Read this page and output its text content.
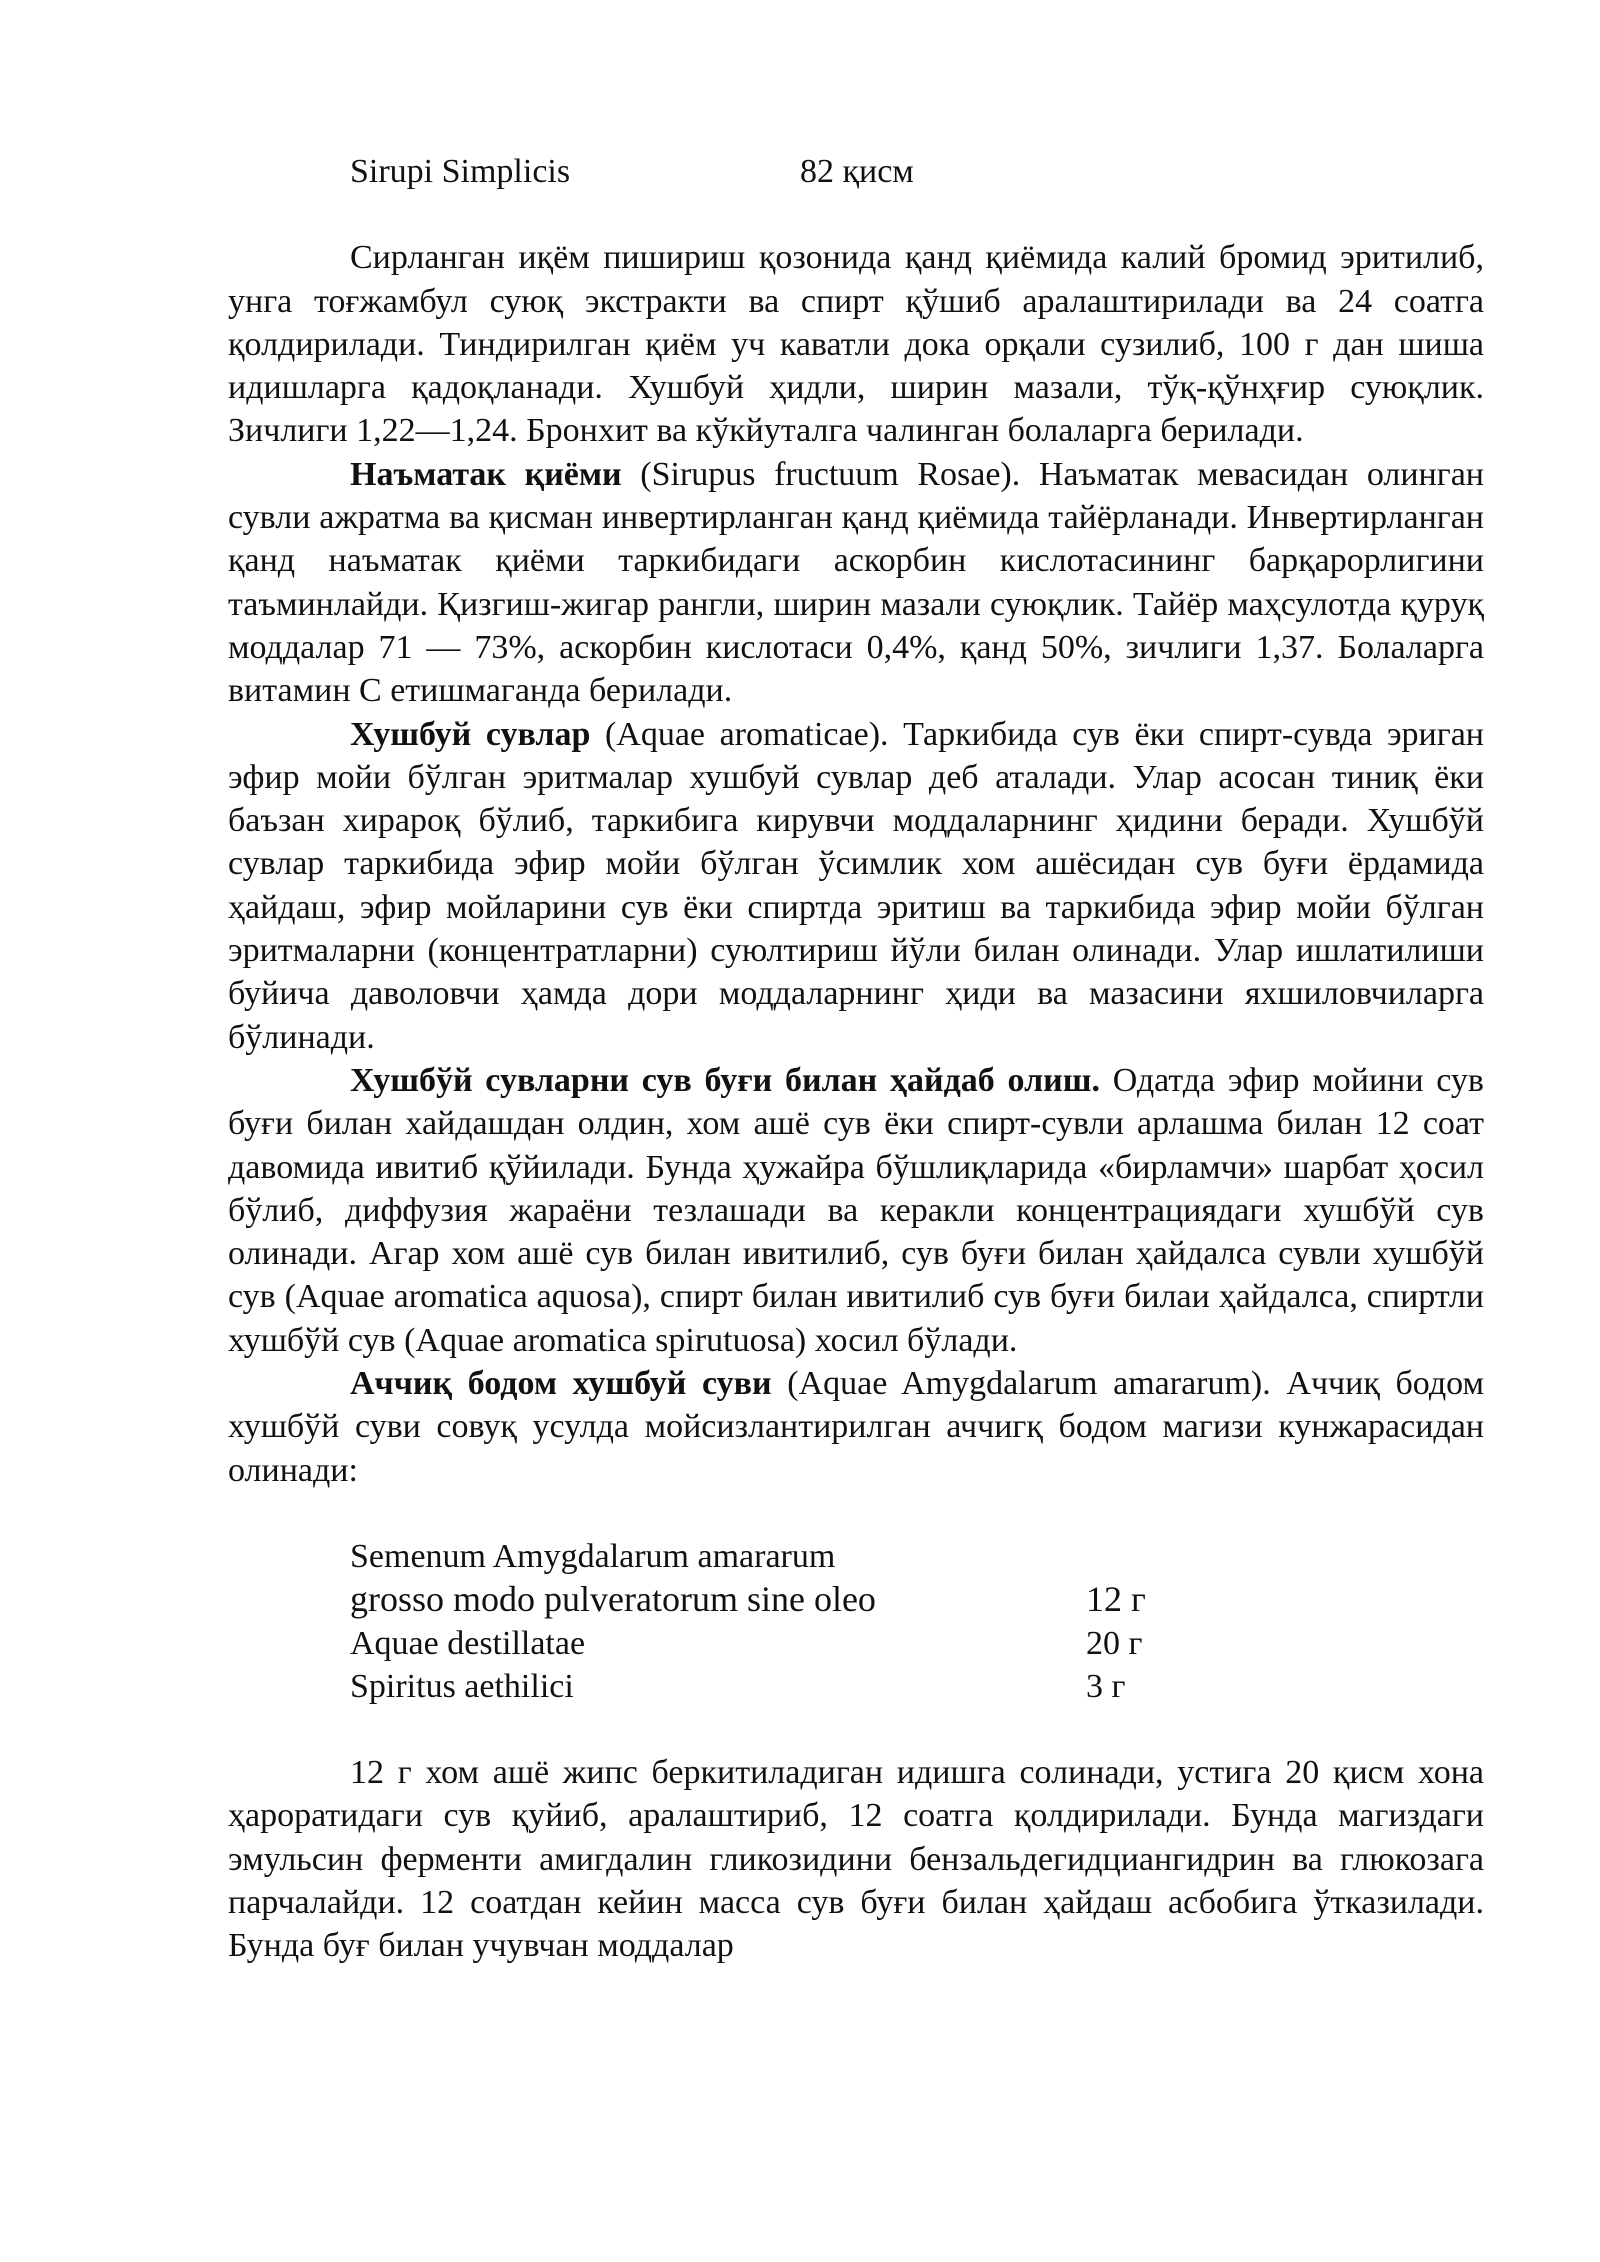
Sirupi Simplicis	82 қисм

Сирланган иқём пишириш қозонида қанд қиёмида калий бромид эритилиб, унга тоғжамбул суюқ экстракти ва спирт қўшиб аралаштирилади ва 24 соатга қолдирилади. Тиндирилган қиём уч каватли дока орқали сузилиб, 100 г дан шиша идишларга қадоқланади. Хушбуй ҳидли, ширин мазали, тўқ-қўнҳғир суюқлик. Зичлиги 1,22—1,24. Бронхит ва кўкйуталга чалинган болаларга берилади.

Наъматак қиёми (Sirupus fructuum Rosae). Наъматак мевасидан олинган сувли ажратма ва қисман инвертирланган қанд қиёмида тайёрланади. Инвертирланган қанд наъматак қиёми таркибидаги аскорбин кислотасининг барқарорлигини таъминлайди. Қизгиш-жигар рангли, ширин мазали суюқлик. Тайёр маҳсулотда қуруқ моддалар 71 — 73%, аскорбин кислотаси 0,4%, қанд 50%, зичлиги 1,37. Болаларга витамин С етишмаганда берилади.

Хушбуй сувлар (Aquae aromaticae). Таркибида сув ёки спирт-сувда эриган эфир мойи бўлган эритмалар хушбуй сувлар деб аталади. Улар асосан тиниқ ёки баъзан хирароқ бўлиб, таркибига кирувчи моддаларнинг ҳидини беради. Хушбўй сувлар таркибида эфир мойи бўлган ўсимлик хом ашёсидан сув буғи ёрдамида ҳайдаш, эфир мойларини сув ёки спиртда эритиш ва таркибида эфир мойи бўлган эритмаларни (концентратларни) суюлтириш йўли билан олинади. Улар ишлатилиши буйича даволовчи ҳамда дори моддаларнинг ҳиди ва мазасини яхшиловчиларга бўлинади.

Хушбўй сувларни сув буғи билан ҳайдаб олиш. Одатда эфир мойини сув буғи билан хайдашдан олдин, хом ашё сув ёки спирт-сувли арлашма билан 12 соат давомида ивитиб қўйилади. Бунда ҳужайра бўшлиқларида «бирламчи» шарбат ҳосил бўлиб, диффузия жараёни тезлашади ва керакли концентрациядаги хушбўй сув олинади. Агар хом ашё сув билан ивитилиб, сув буғи билан ҳайдалса сувли хушбўй сув (Aquae aromatica aquosa), спирт билан ивитилиб сув буғи билаи ҳайдалса, спиртли хушбўй сув (Aquae aromatica spirutuosa) хосил бўлади.

Аччиқ бодом хушбуй суви (Aquae Amygdalarum amararum). Аччиқ бодом хушбўй суви совуқ усулда мойсизлантирилган аччигқ бодом магизи кунжарасидан олинади:

Semenum Amygdalarum amararum
grosso modo pulveratorum sine oleo	12 г
Aquae destillatae	20 г
Spiritus aethilici	3 г

12 г хом ашё жипс беркитиладиган идишга солинади, устига 20 қисм хона ҳароратидаги сув қуйиб, аралаштириб, 12 соатга қолдирилади. Бунда магиздаги эмульсин ферменти амигдалин гликозидини бензальдегидциангидрин ва глюкозага парчалайди. 12 соатдан кейин масса сув буғи билан ҳайдаш асбобига ўтказилади. Бунда буғ билан учувчан моддалар
